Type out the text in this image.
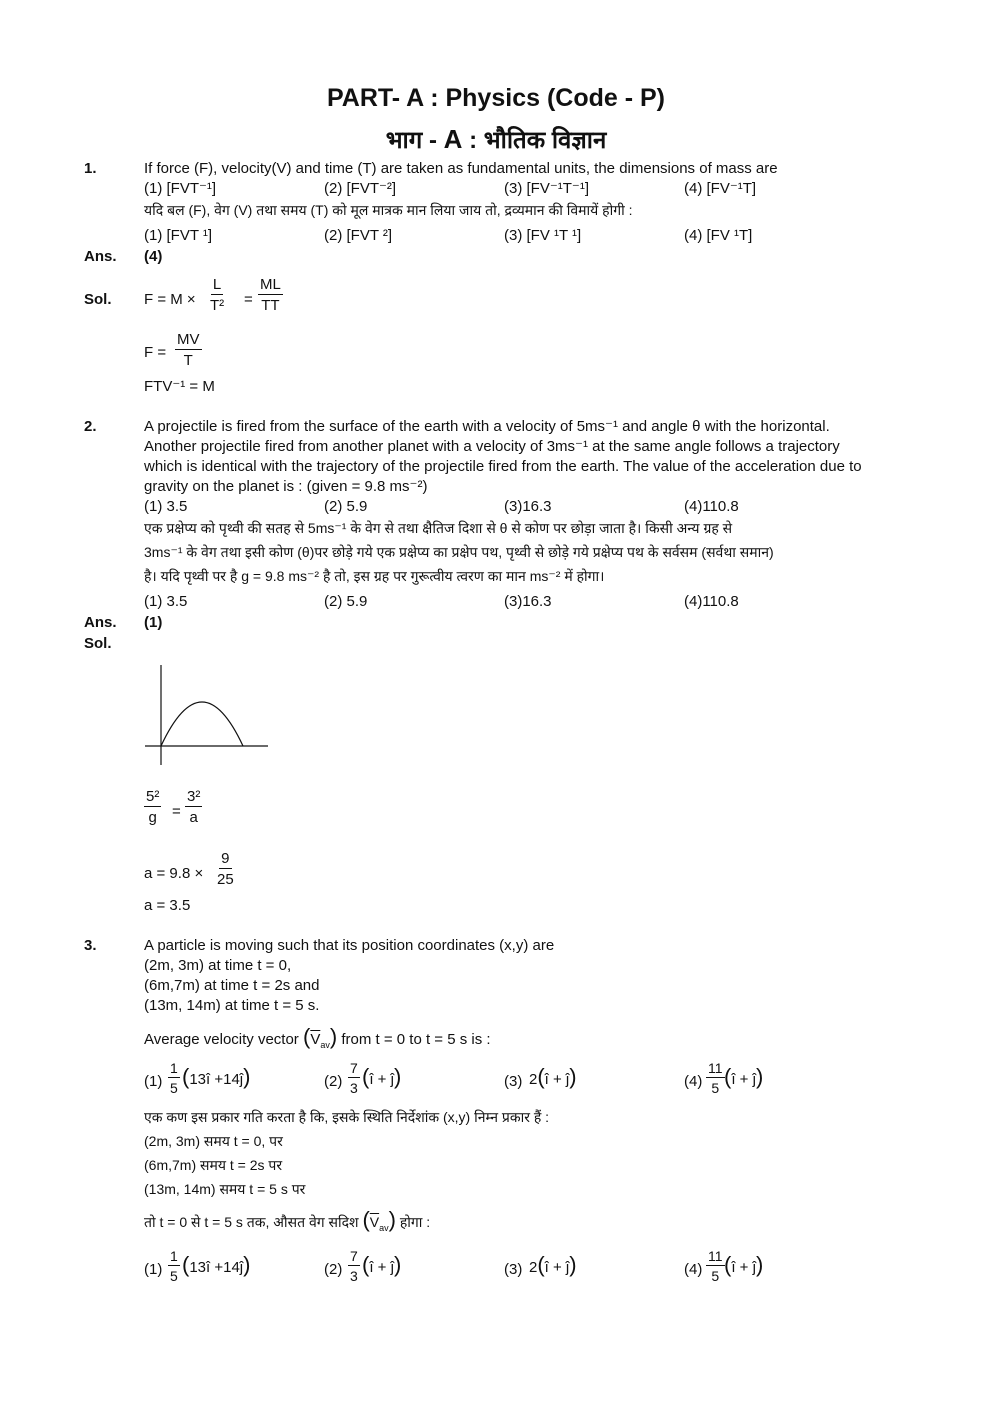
PART- A : Physics (Code - P)
भाग - A : भौतिक विज्ञान
1.	If force (F), velocity(V) and time (T) are taken as fundamental units, the dimensions of mass are
(1) [FVT⁻¹]	(2) [FVT⁻²]	(3) [FV⁻¹T⁻¹]	(4) [FV⁻¹T]
यदि बल (F), वेग (V) तथा समय (T) को मूल मात्रक मान लिया जाय तो, द्रव्यमान की विमायें होगी :
(1) [FVT ¹]	(2) [FVT ²]	(3) [FV ¹T ¹]	(4) [FV ¹T]
Ans. (4)
Sol. $F = M \times \frac{L}{\text{T²}} = \frac{ML}{TT}$
$F = \frac{MV}{T}$
FTV⁻¹ = M
2.	A projectile is fired from the surface of the earth with a velocity of 5ms⁻¹ and angle θ with the horizontal.
Another projectile fired from another planet with a velocity of 3ms⁻¹ at the same angle follows a trajectory
which is identical with the trajectory of the projectile fired from the earth. The value of the acceleration due to
gravity on the planet is : (given = 9.8 ms⁻²)
(1) 3.5	(2) 5.9	(3)16.3	(4)110.8
एक प्रक्षेप्य को पृथ्वी की सतह से 5ms⁻¹ के वेग से तथा क्षैतिज दिशा से θ से कोण पर छोड़ा जाता है। किसी अन्य ग्रह से
3ms⁻¹ के वेग तथा इसी कोण (θ)पर छोड़े गये एक प्रक्षेप्य का प्रक्षेप पथ, पृथ्वी से छोड़े गये प्रक्षेप्य पथ के सर्वसम (सर्वथा समान)
है। यदि पृथ्वी पर है g = 9.8 ms⁻² है तो, इस ग्रह पर गुरूत्वीय त्वरण का मान ms⁻² में होगा।
(1) 3.5	(2) 5.9	(3)16.3	(4)110.8
Ans. (1)
Sol.
$\frac{\text{5²}}{g} = \frac{\text{3²}}{a}$
$a = 9.8 \times \frac{9}{25}$
a = 3.5
3.	A particle is moving such that its position coordinates (x,y) are
(2m, 3m) at time t = 0,
(6m,7m) at time t = 2s and
(13m, 14m) at time t = 5 s.
Average velocity vector $(\overline{V}_{av})$ from t = 0 to t = 5 s is :
$(1) \frac{1}{5}$ (13î +14ĵ)	$(2) \frac{7}{3}$ (î + ĵ)	(3) 2(î + ĵ)	$(4) \frac{11}{5}$ (î + ĵ)
एक कण इस प्रकार गति करता है कि, इसके स्थिति निर्देशांक (x,y) निम्न प्रकार हैं :
(2m, 3m) समय t = 0, पर
(6m,7m) समय t = 2s पर
(13m, 14m) समय t = 5 s पर
तो t = 0 से t = 5 s तक, औसत वेग सदिश $(\overline{V}_{av})$ होगा :
$(1) \frac{1}{5}$ (13î +14ĵ)	$(2) \frac{7}{3}$ (î + ĵ)	(3) 2(î + ĵ)	$(4) \frac{11}{5}$ (î + ĵ)
